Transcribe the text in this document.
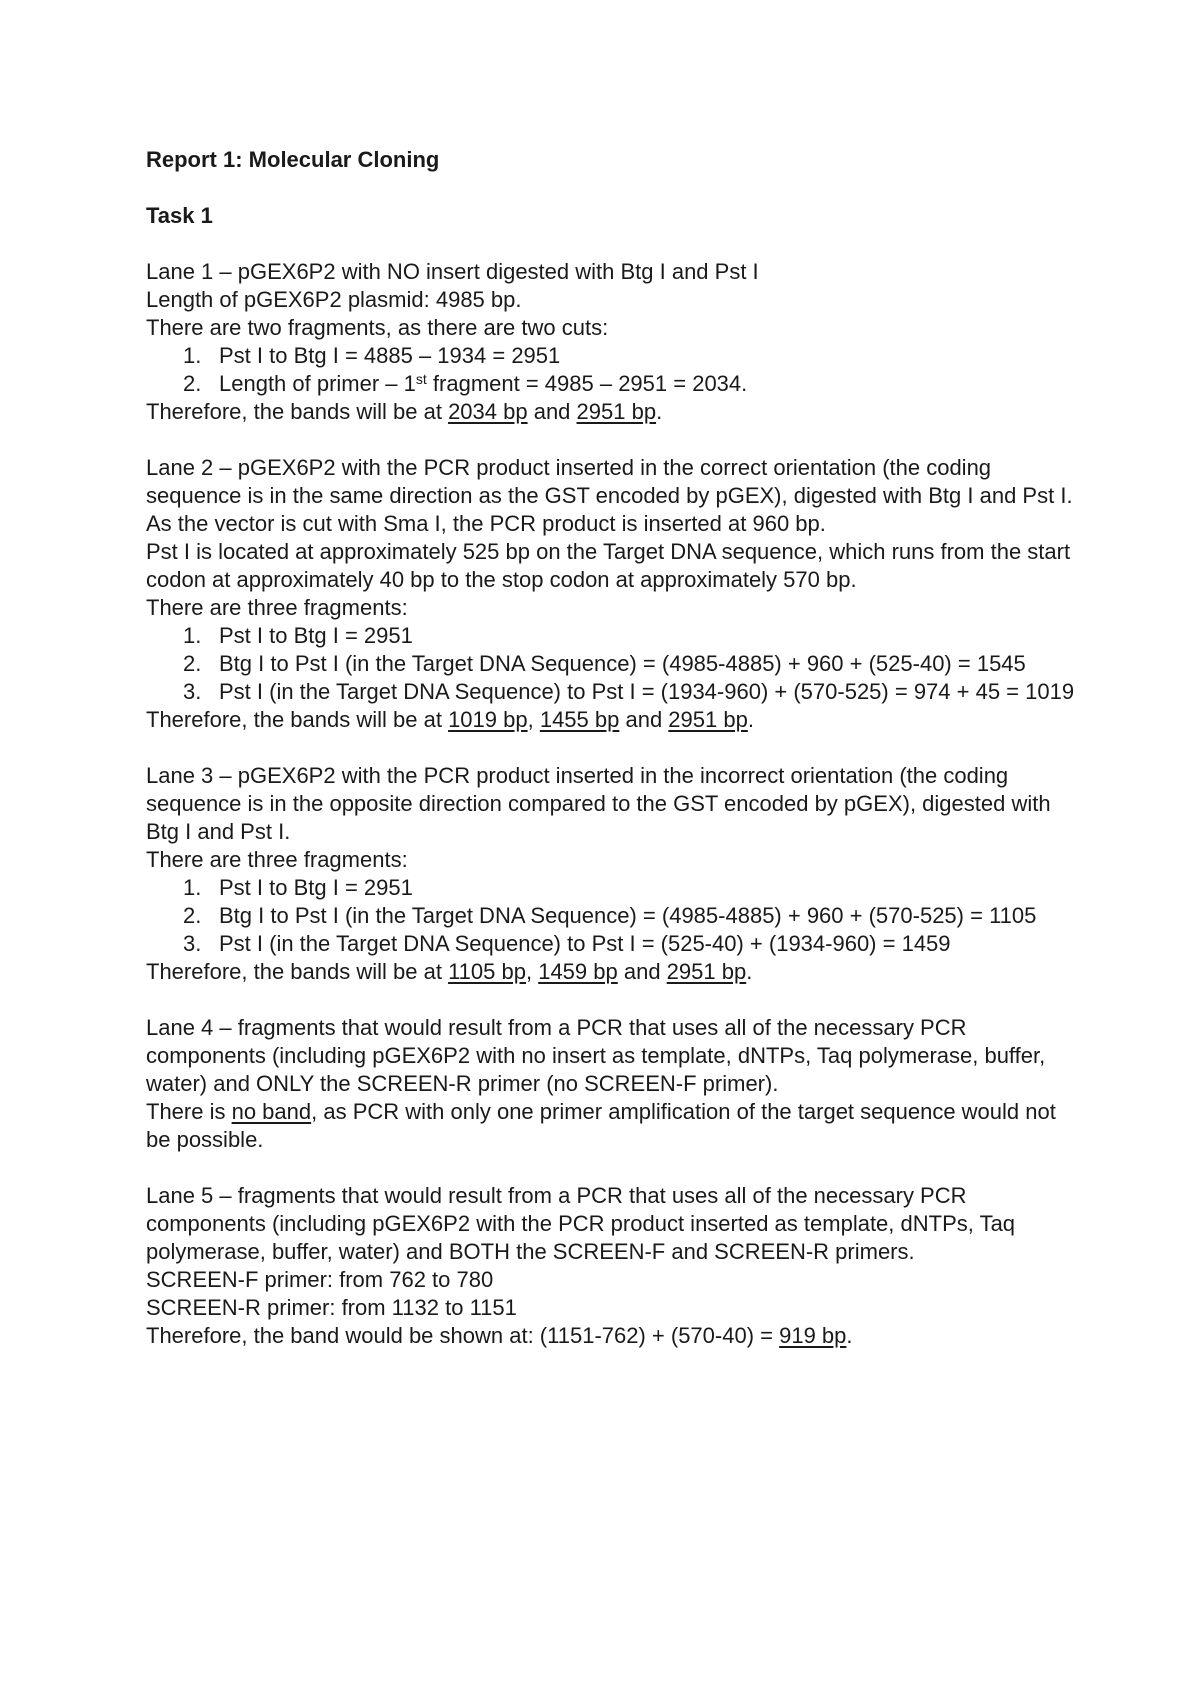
Report 1: Molecular Cloning

Task 1

Lane 1 – pGEX6P2 with NO insert digested with Btg I and Pst I

Length of pGEX6P2 plasmid: 4985 bp.

There are two fragments, as there are two cuts:

1. Pst I to Btg I = 4885 – 1934 = 2951
2. Length of primer – 1st fragment = 4985 – 2951 = 2034.

Therefore, the bands will be at 2034 bp and 2951 bp.

Lane 2 – pGEX6P2 with the PCR product inserted in the correct orientation (the coding sequence is in the same direction as the GST encoded by pGEX), digested with Btg I and Pst I.

As the vector is cut with Sma I, the PCR product is inserted at 960 bp.

Pst I is located at approximately 525 bp on the Target DNA sequence, which runs from the start codon at approximately 40 bp to the stop codon at approximately 570 bp.

There are three fragments:

1. Pst I to Btg I = 2951
2. Btg I to Pst I (in the Target DNA Sequence) = (4985-4885) + 960 + (525-40) = 1545
3. Pst I (in the Target DNA Sequence) to Pst I = (1934-960) + (570-525) = 974 + 45 = 1019

Therefore, the bands will be at 1019 bp, 1455 bp and 2951 bp.

Lane 3 – pGEX6P2 with the PCR product inserted in the incorrect orientation (the coding sequence is in the opposite direction compared to the GST encoded by pGEX), digested with Btg I and Pst I.

There are three fragments:

1. Pst I to Btg I = 2951
2. Btg I to Pst I (in the Target DNA Sequence) = (4985-4885) + 960 + (570-525) = 1105
3. Pst I (in the Target DNA Sequence) to Pst I = (525-40) + (1934-960) = 1459

Therefore, the bands will be at 1105 bp, 1459 bp and 2951 bp.

Lane 4 – fragments that would result from a PCR that uses all of the necessary PCR components (including pGEX6P2 with no insert as template, dNTPs, Taq polymerase, buffer, water) and ONLY the SCREEN-R primer (no SCREEN-F primer).

There is no band, as PCR with only one primer amplification of the target sequence would not be possible.

Lane 5 – fragments that would result from a PCR that uses all of the necessary PCR components (including pGEX6P2 with the PCR product inserted as template, dNTPs, Taq polymerase, buffer, water) and BOTH the SCREEN-F and SCREEN-R primers.

SCREEN-F primer: from 762 to 780

SCREEN-R primer: from 1132 to 1151

Therefore, the band would be shown at: (1151-762) + (570-40) = 919 bp.
